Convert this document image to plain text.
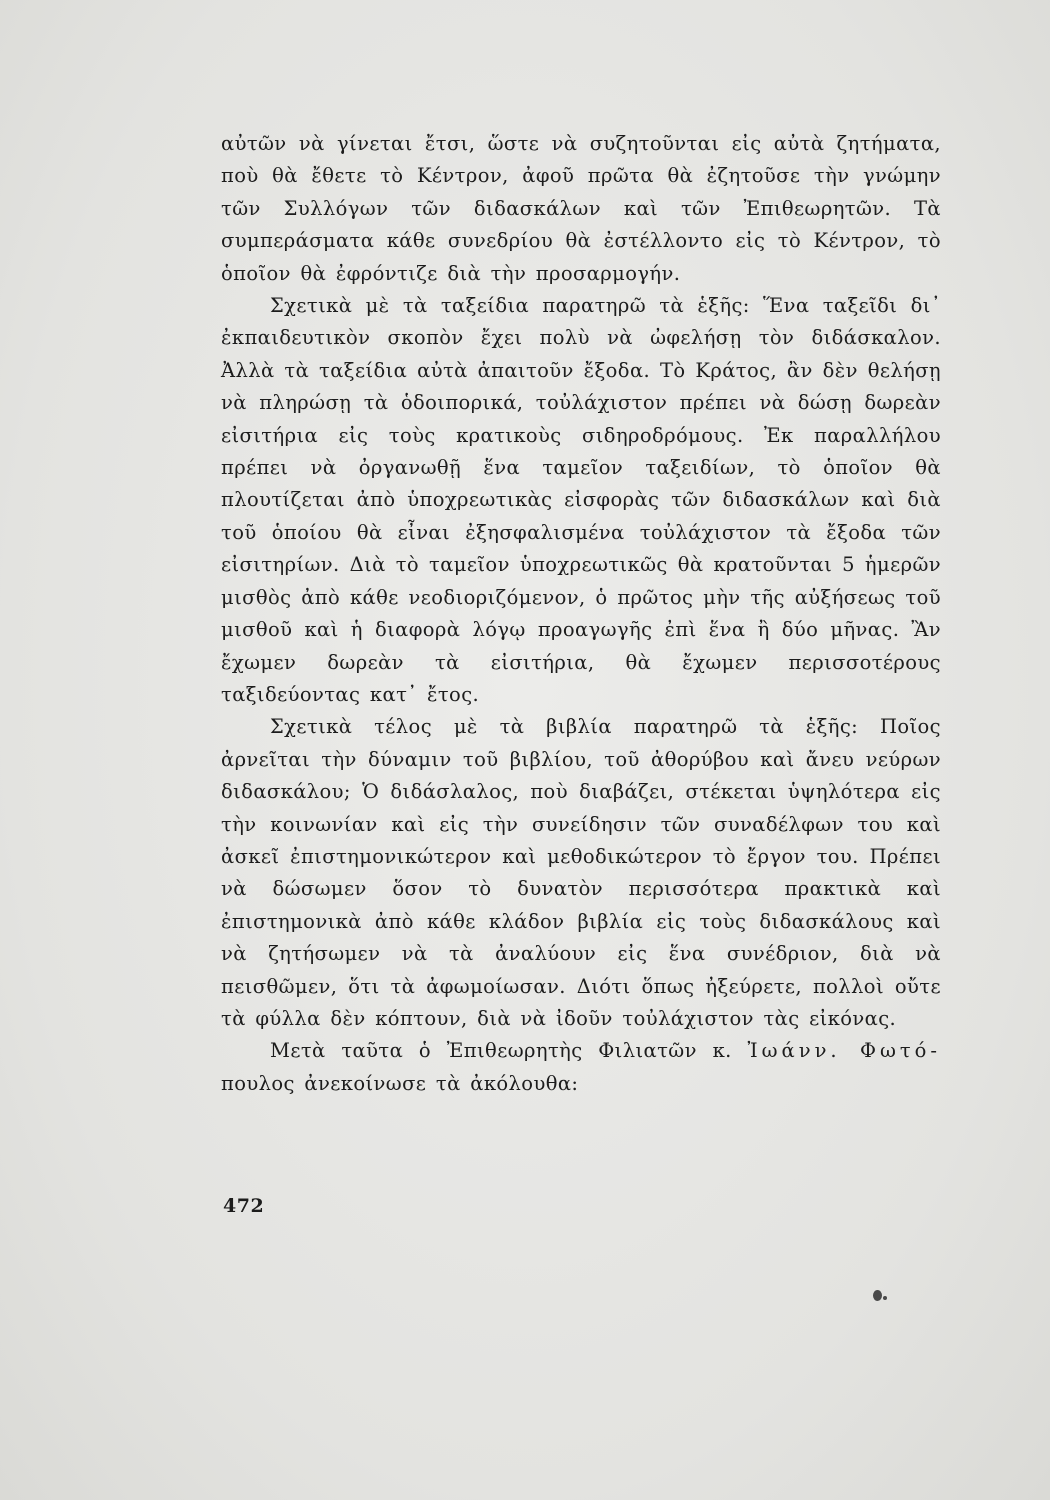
αὐτῶν νὰ γίνεται ἔτσι, ὥστε νὰ συζητοῦνται εἰς αὐτὰ ζητήματα, ποὺ θὰ ἔθετε τὸ Κέντρον, ἀφοῦ πρῶτα θὰ ἐζητοῦσε τὴν γνώμην τῶν Συλλόγων τῶν διδασκάλων καὶ τῶν Ἐπιθεωρητῶν. Τὰ συμπεράσματα κάθε συνεδρίου θὰ ἐστέλλοντο εἰς τὸ Κέντρον, τὸ ὁποῖον θὰ ἐφρόντιζε διὰ τὴν προσαρμογήν.

Σχετικὰ μὲ τὰ ταξείδια παρατηρῶ τὰ ἑξῆς: Ἕνα ταξεῖδι δι᾽ ἐκπαιδευτικὸν σκοπὸν ἔχει πολὺ νὰ ὠφελήσῃ τὸν διδάσκαλον. Ἀλλὰ τὰ ταξείδια αὐτὰ ἀπαιτοῦν ἔξοδα. Τὸ Κράτος, ἂν δὲν θελήσῃ νὰ πληρώσῃ τὰ ὁδοιπορικά, τοὐλάχιστον πρέπει νὰ δώσῃ δωρεὰν εἰσιτήρια εἰς τοὺς κρατικοὺς σιδηροδρόμους. Ἐκ παραλλήλου πρέπει νὰ ὀργανωθῇ ἕνα ταμεῖον ταξειδίων, τὸ ὁποῖον θὰ πλουτίζεται ἀπὸ ὑποχρεωτικὰς εἰσφορὰς τῶν διδασκάλων καὶ διὰ τοῦ ὁποίου θὰ εἶναι ἐξησφαλισμένα τοὐλάχιστον τὰ ἔξοδα τῶν εἰσιτηρίων. Διὰ τὸ ταμεῖον ὑποχρεωτικῶς θὰ κρατοῦνται 5 ἡμερῶν μισθὸς ἀπὸ κάθε νεοδιοριζόμενον, ὁ πρῶτος μὴν τῆς αὐξήσεως τοῦ μισθοῦ καὶ ἡ διαφορὰ λόγῳ προαγωγῆς ἐπὶ ἕνα ἢ δύο μῆνας. Ἂν ἔχωμεν δωρεὰν τὰ εἰσιτήρια, θὰ ἔχωμεν περισσοτέρους ταξιδεύοντας κατ᾽ ἔτος.

Σχετικὰ τέλος μὲ τὰ βιβλία παρατηρῶ τὰ ἑξῆς: Ποῖος ἀρνεῖται τὴν δύναμιν τοῦ βιβλίου, τοῦ ἀθορύβου καὶ ἄνευ νεύρων διδασκάλου; Ὁ διδάσλαλος, ποὺ διαβάζει, στέκεται ὑψηλότερα εἰς τὴν κοινωνίαν καὶ εἰς τὴν συνείδησιν τῶν συναδέλφων του καὶ ἀσκεῖ ἐπιστημονικώτερον καὶ μεθοδικώτερον τὸ ἔργον του. Πρέπει νὰ δώσωμεν ὅσον τὸ δυνατὸν περισσότερα πρακτικὰ καὶ ἐπιστημονικὰ ἀπὸ κάθε κλάδον βιβλία εἰς τοὺς διδασκάλους καὶ νὰ ζητήσωμεν νὰ τὰ ἀναλύουν εἰς ἕνα συνέδριον, διὰ νὰ πεισθῶμεν, ὅτι τὰ ἀφωμοίωσαν. Διότι ὅπως ἠξεύρετε, πολλοὶ οὔτε τὰ φύλλα δὲν κόπτουν, διὰ νὰ ἰδοῦν τοὐλάχιστον τὰς εἰκόνας.

Μετὰ ταῦτα ὁ Ἐπιθεωρητὴς Φιλιατῶν κ. Ἰωάνν. Φωτό- πουλος ἀνεκοίνωσε τὰ ἀκόλουθα:

472
